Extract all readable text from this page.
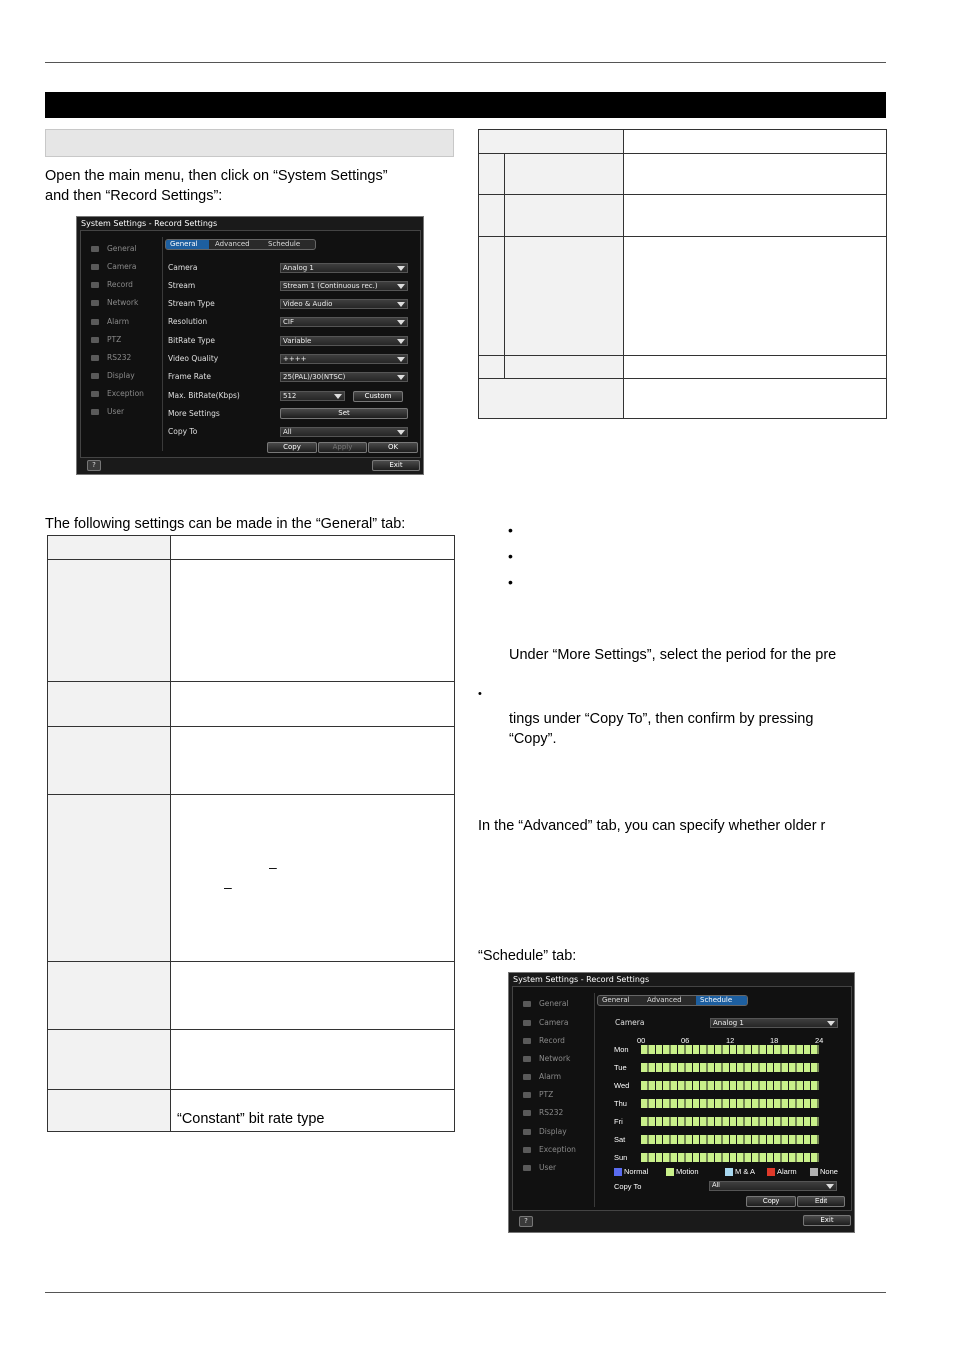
Open the main menu, then click on “System Settings”
and then “Record Settings”:
System Settings - Record Settings
General
Camera
Record
Network
Alarm
PTZ
RS232
Display
Exception
User
General	Advanced	Schedule
Camera	Analog 1
Stream	Stream 1 (Continuous rec.)
Stream Type	Video & Audio
Resolution	CIF
BitRate Type	Variable
Video Quality	++++
Frame Rate	25(PAL)/30(NTSC)
Max. BitRate(Kbps)	512	Custom
More Settings	Set
Copy To	All
Copy	Apply	OK
?	Exit
The following settings can be made in the “General” tab:
–
–
“Constant” bit rate type
•
•
•
Under “More Settings”, select the period for the pre
•
tings under “Copy To”, then confirm by pressing
“Copy”.
In the “Advanced” tab, you can specify whether older r
“Schedule” tab:
System Settings - Record Settings
General
Camera
Record
Network
Alarm
PTZ
RS232
Display
Exception
User
General	Advanced	Schedule
Camera	Analog 1
?	Exit
00	06	12	18	24
Mon
Tue
Wed
Thu
Fri
Sat
Sun
Normal	Motion	M & A	Alarm	None
Copy To	All
Copy	Edit
